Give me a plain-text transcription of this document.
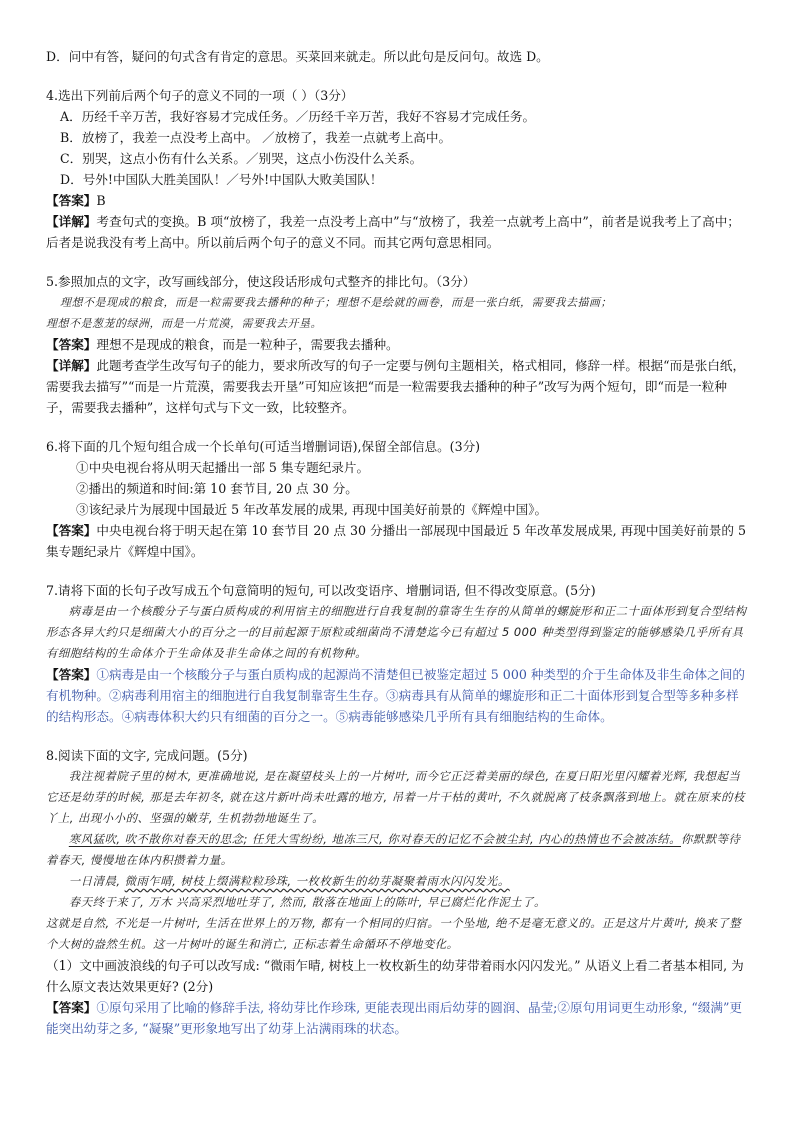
D．问中有答，疑问的句式含有肯定的意思。买菜回来就走。所以此句是反问句。故选 D。
4.选出下列前后两个句子的意义不同的一项（ ）（3分）
A．历经千辛万苦，我好容易才完成任务。／历经千辛万苦，我好不容易才完成任务。
B．放榜了，我差一点没考上高中。 ／放榜了，我差一点就考上高中。
C．别哭，这点小伤有什么关系。／别哭，这点小伤没什么关系。
D．号外!中国队大胜美国队！／号外!中国队大败美国队！
【答案】B
【详解】考查句式的变换。B 项“放榜了，我差一点没考上高中”与“放榜了，我差一点就考上高中”，前者是说我考上了高中；后者是说我没有考上高中。所以前后两个句子的意义不同。而其它两句意思相同。
5.参照加点的文字，改写画线部分，使这段话形成句式整齐的排比句。（3分）
理想不是现成的粮食，而是一粒需要我去播种的种子；理想不是绘就的画卷，而是一张白纸，需要我去描画；
理想不是葱茏的绿洲，而是一片荒漠，需要我去开垦。
【答案】理想不是现成的粮食，而是一粒种子，需要我去播种。
【详解】此题考查学生改写句子的能力，要求所改写的句子一定要与例句主题相关，格式相同，修辞一样。根据“而是张白纸，需要我去描写”“而是一片荒漠，需要我去开垦”可知应该把“而是一粒需要我去播种的种子”改写为两个短句，即“而是一粒种子，需要我去播种”，这样句式与下文一致，比较整齐。
6.将下面的几个短句组合成一个长单句(可适当增删词语),保留全部信息。(3分)
①中央电视台将从明天起播出一部 5 集专题纪录片。
②播出的频道和时间:第 10 套节目, 20 点 30 分。
③该纪录片为展现中国最近 5 年改革发展的成果, 再现中国美好前景的《辉煌中国》。
【答案】中央电视台将于明天起在第 10 套节目 20 点 30 分播出一部展现中国最近 5 年改革发展成果, 再现中国美好前景的 5 集专题纪录片《辉煌中国》。
7.请将下面的长句子改写成五个句意简明的短句, 可以改变语序、增删词语, 但不得改变原意。(5分)
病毒是由一个核酸分子与蛋白质构成的利用宿主的细胞进行自我复制的靠寄生生存的从简单的螺旋形和正二十面体形到复合型结构形态各异大约只是细菌大小的百分之一的目前起源于原粒或细菌尚不清楚迄今已有超过 5 000 种类型得到鉴定的能够感染几乎所有具有细胞结构的生命体介于生命体及非生命体之间的有机物种。
【答案】①病毒是由一个核酸分子与蛋白质构成的起源尚不清楚但已被鉴定超过 5 000 种类型的介于生命体及非生命体之间的有机物种。②病毒利用宿主的细胞进行自我复制靠寄生生存。③病毒具有从简单的螺旋形和正二十面体形到复合型等多种多样的结构形态。④病毒体积大约只有细菌的百分之一。⑤病毒能够感染几乎所有具有细胞结构的生命体。
8.阅读下面的文字, 完成问题。(5分)
我注视着院子里的树木, 更准确地说, 是在凝望枝头上的一片树叶, 而今它正泛着美丽的绿色, 在夏日阳光里闪耀着光辉, 我想起当它还是幼芽的时候, 那是去年初冬, 就在这片新叶尚未吐露的地方, 吊着一片干枯的黄叶, 不久就脱离了枝条飘落到地上。就在原来的枝丫上, 出现小小的、坚强的嫩芽, 生机勃勃地诞生了。
寒风猛吹, 吹不散你对春天的思念; 任凭大雪纷纷, 地冻三尺, 你对春天的记忆不会被尘封, 内心的热情也不会被冻结。你默默等待着春天, 慢慢地在体内积攒着力量。
一日清晨, 微雨乍晴, 树枝上缀满粒粒珍珠, 一枚枚新生的幼芽凝聚着雨水闪闪发光。
春天终于来了, 万木 兴高采烈地吐芽了, 然而, 散落在地面上的陈叶, 早已腐烂化作泥土了。
这就是自然, 不光是一片树叶, 生活在世界上的万物, 都有一个相同的归宿。一个坠地, 绝不是毫无意义的。正是这片片黄叶, 换来了整个大树的盎然生机。这一片树叶的诞生和消亡, 正标志着生命循环不停地变化。
（1）文中画波浪线的句子可以改写成: “微雨乍晴, 树枝上一枚枚新生的幼芽带着雨水闪闪发光。” 从语义上看二者基本相同, 为什么原文表达效果更好? (2分)
【答案】①原句采用了比喻的修辞手法, 将幼芽比作珍珠, 更能表现出雨后幼芽的圆润、晶莹;②原句用词更生动形象, “缀满”更能突出幼芽之多, “凝聚”更形象地写出了幼芽上沾满雨珠的状态。
